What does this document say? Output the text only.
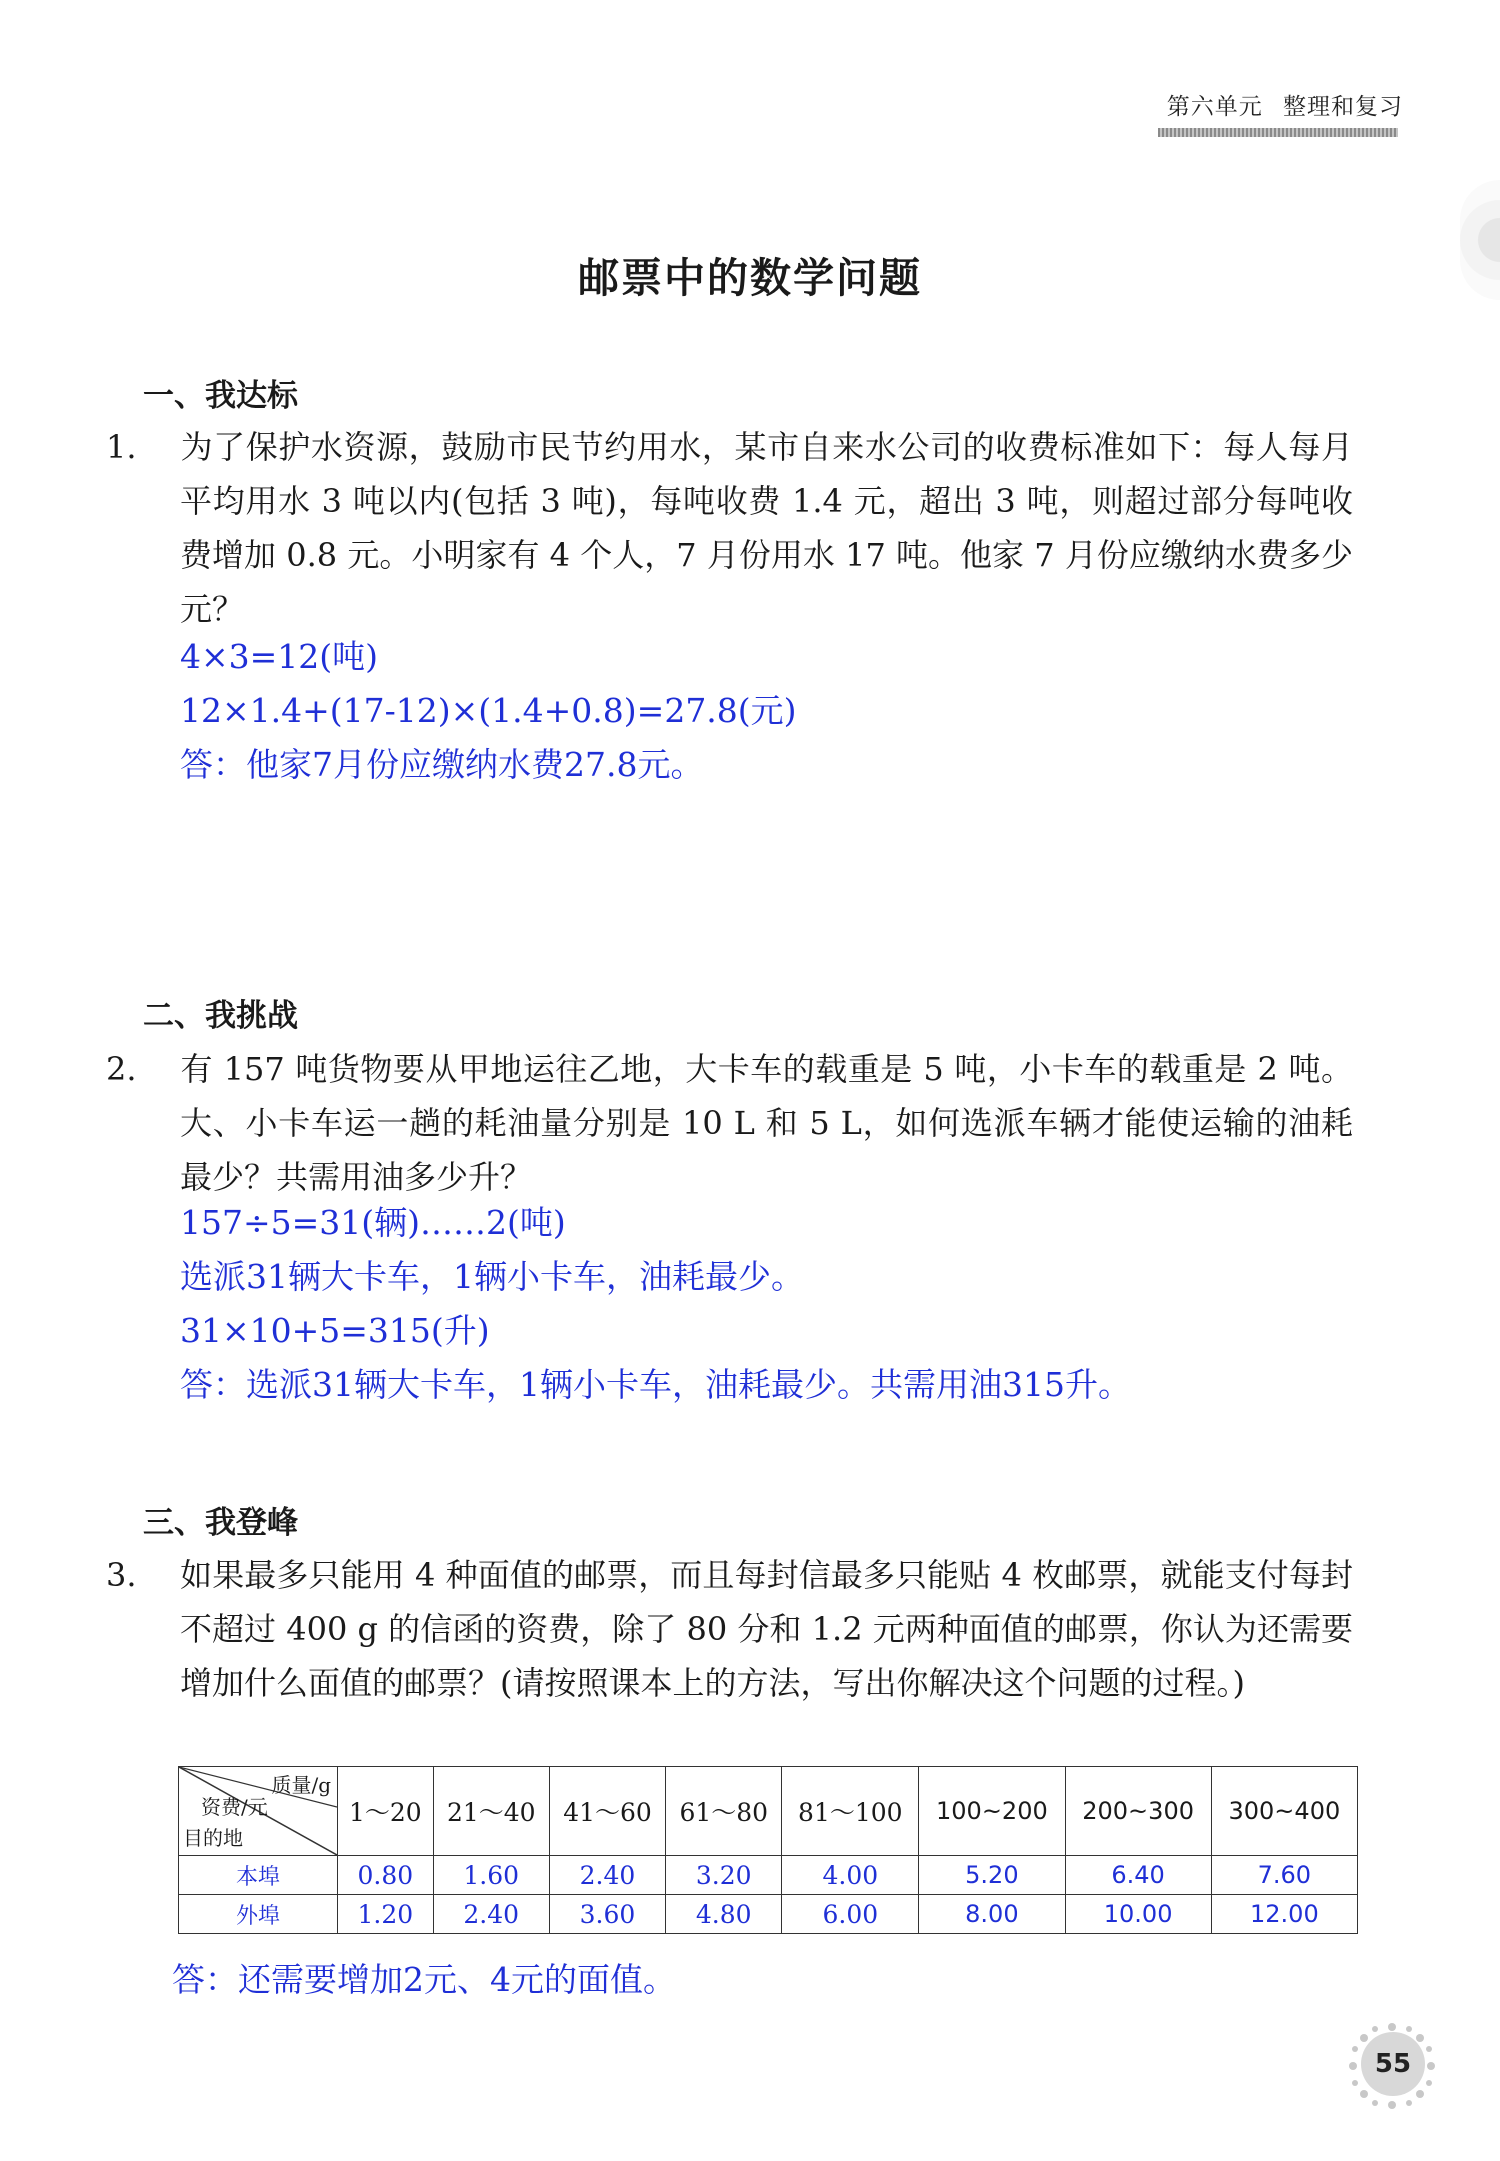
第六单元 整理和复习
邮票中的数学问题
一、我达标
1. 为了保护水资源，鼓励市民节约用水，某市自来水公司的收费标准如下：每人每月平均用水 3 吨以内(包括 3 吨)，每吨收费 1.4 元，超出 3 吨，则超过部分每吨收费增加 0.8 元。小明家有 4 个人，7 月份用水 17 吨。他家 7 月份应缴纳水费多少元？
4×3=12(吨)
12×1.4+(17-12)×(1.4+0.8)=27.8(元)
答：他家7月份应缴纳水费27.8元。
二、我挑战
2. 有 157 吨货物要从甲地运往乙地，大卡车的载重是 5 吨，小卡车的载重是 2 吨。大、小卡车运一趟的耗油量分别是 10 L 和 5 L，如何选派车辆才能使运输的油耗最少？共需用油多少升？
157÷5=31(辆)……2(吨)
选派31辆大卡车，1辆小卡车，油耗最少。
31×10+5=315(升)
答：选派31辆大卡车，1辆小卡车，油耗最少。共需用油315升。
三、我登峰
3. 如果最多只能用 4 种面值的邮票，而且每封信最多只能贴 4 枚邮票，就能支付每封不超过 400 g 的信函的资费，除了 80 分和 1.2 元两种面值的邮票，你认为还需要增加什么面值的邮票？(请按照课本上的方法，写出你解决这个问题的过程。)
质量/g
资费/元
目的地	1～20	21～40	41～60	61～80	81～100	100~200	200~300	300~400
本埠	0.80	1.60	2.40	3.20	4.00	5.20	6.40	7.60
外埠	1.20	2.40	3.60	4.80	6.00	8.00	10.00	12.00
答：还需要增加2元、4元的面值。
55
